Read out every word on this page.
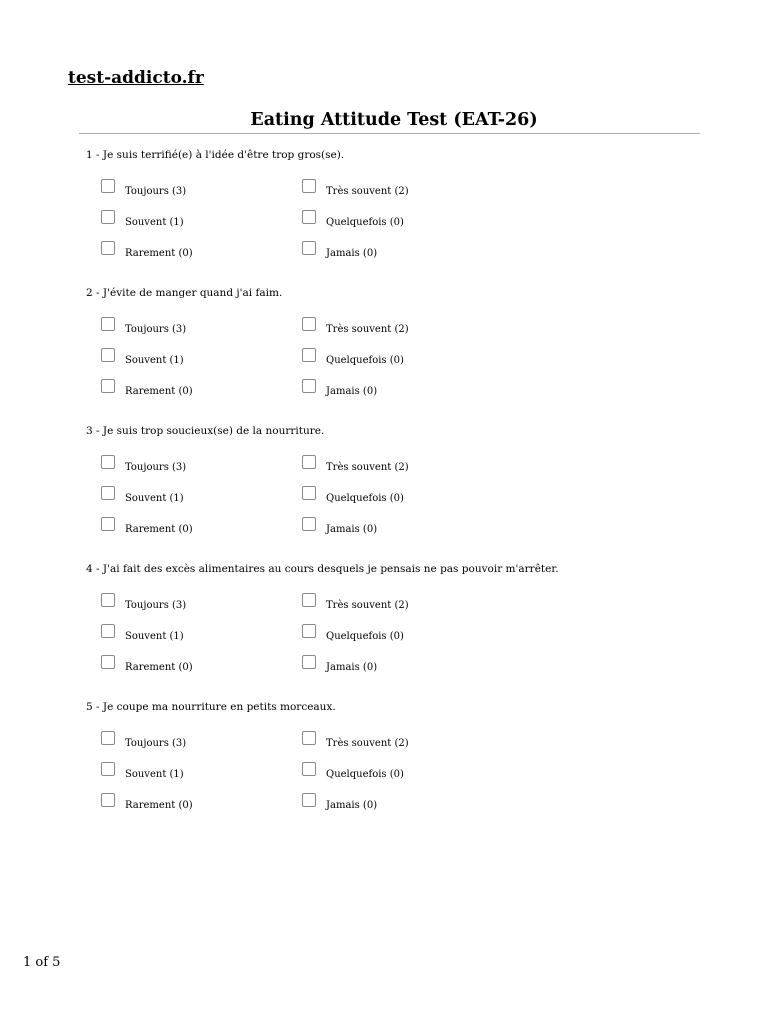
test-addicto.fr
Eating Attitude Test (EAT-26)
1 - Je suis terrifié(e) à l'idée d'être trop gros(se).
Toujours (3)	Très souvent (2)
Souvent (1)	Quelquefois (0)
Rarement (0)	Jamais (0)
2 - J'évite de manger quand j'ai faim.
Toujours (3)	Très souvent (2)
Souvent (1)	Quelquefois (0)
Rarement (0)	Jamais (0)
3 - Je suis trop soucieux(se) de la nourriture.
Toujours (3)	Très souvent (2)
Souvent (1)	Quelquefois (0)
Rarement (0)	Jamais (0)
4 - J'ai fait des excès alimentaires au cours desquels je pensais ne pas pouvoir m'arrêter.
Toujours (3)	Très souvent (2)
Souvent (1)	Quelquefois (0)
Rarement (0)	Jamais (0)
5 - Je coupe ma nourriture en petits morceaux.
Toujours (3)	Très souvent (2)
Souvent (1)	Quelquefois (0)
Rarement (0)	Jamais (0)
1 of 5
